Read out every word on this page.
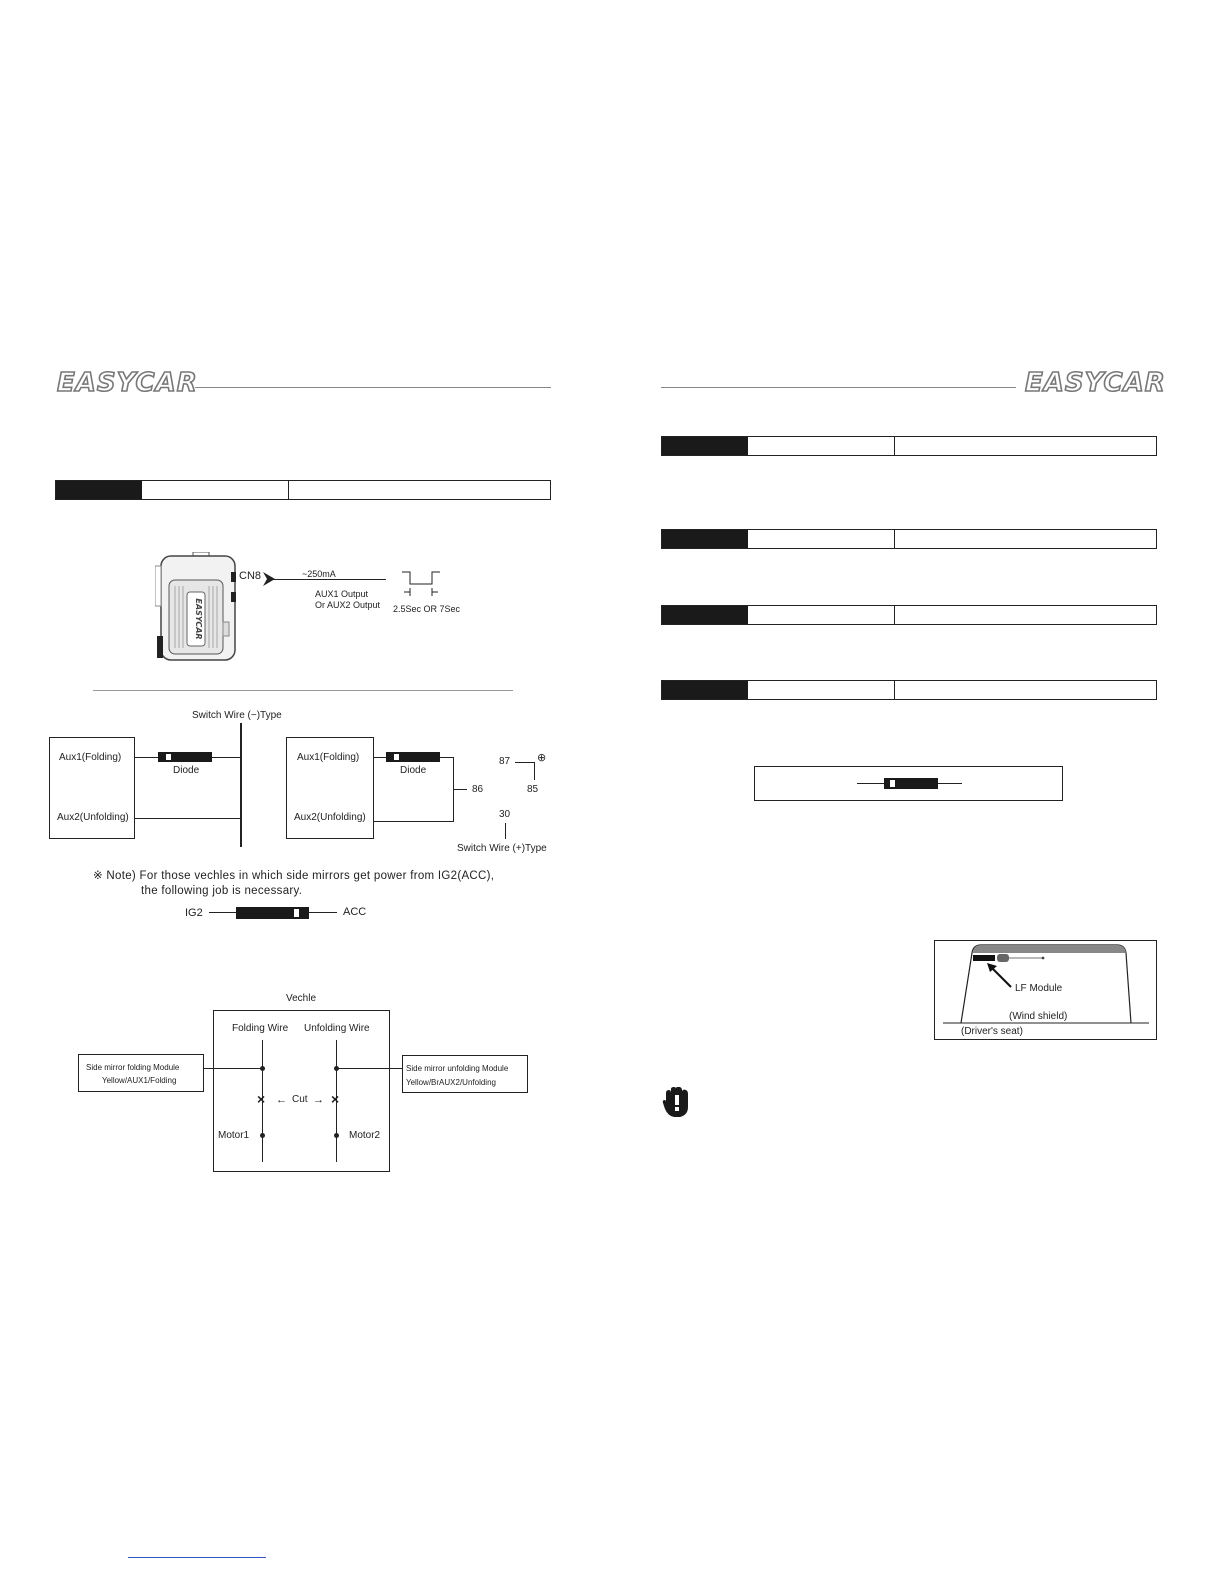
EASYCAR
EASYCAR
CN8	~250mA
AUX1 Output
Or AUX2 Output 2.5Sec OR 7Sec
Switch Wire (−)Type
Aux1(Folding)
Aux2(Unfolding)
Diode
Aux1(Folding)
Aux2(Unfolding)
Diode
87 ⊕
86	85
30
Switch Wire (+)Type
※ Note) For those vechles in which side mirrors get power from IG2(ACC),
the following job is necessary.
IG2	ACC
Vechle
Folding Wire Unfolding Wire
×	×
← Cut →
Motor1	Motor2
Side mirror folding Module
Yellow/AUX1/Folding
Side mirror unfolding Module
Yellow/BrAUX2/Unfolding
EASYCAR
LF Module
(Wind shield)
(Driver's seat)
